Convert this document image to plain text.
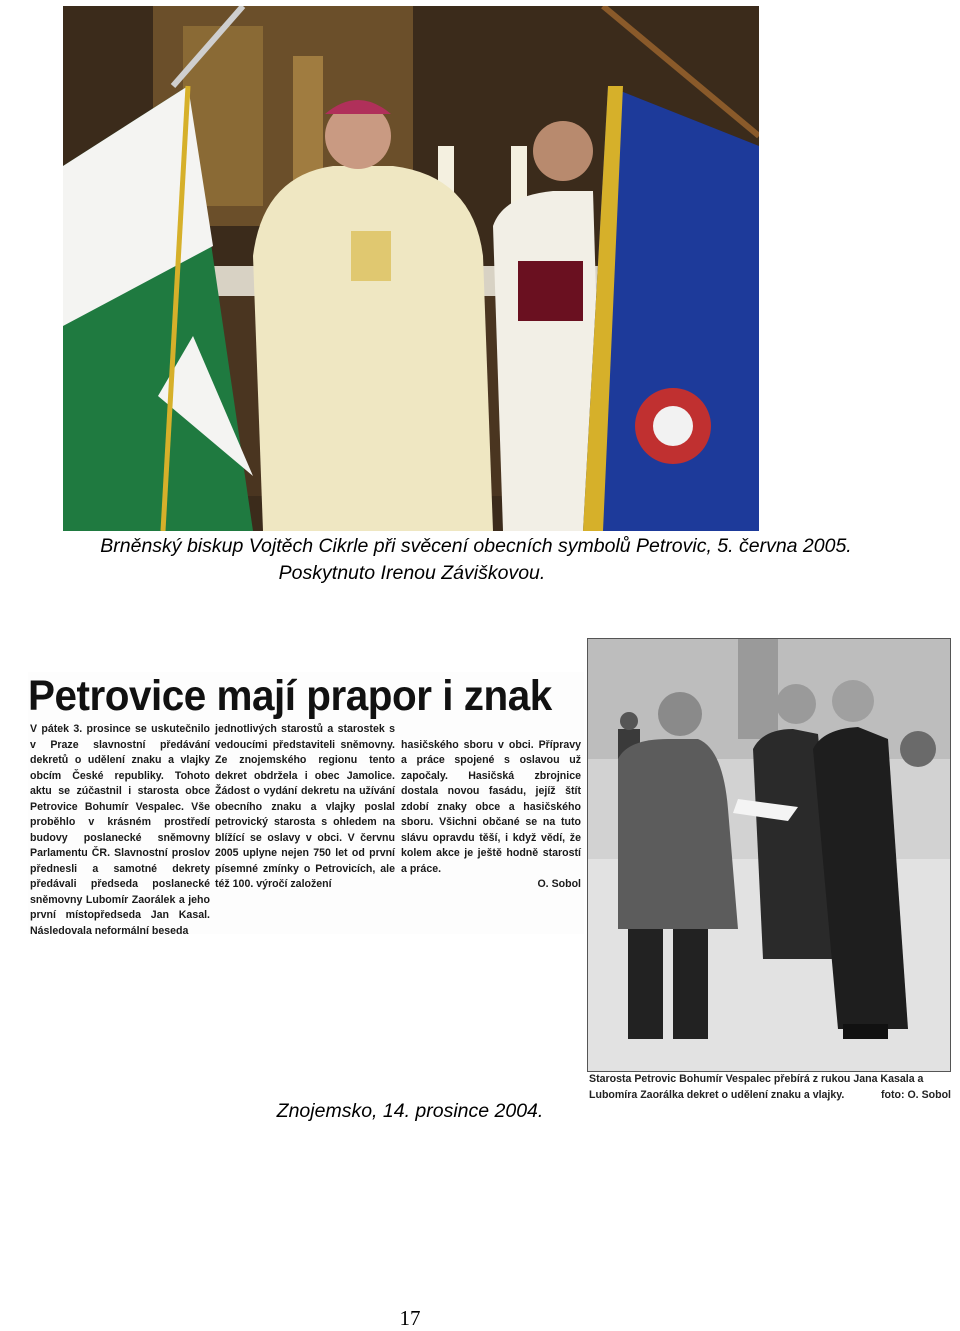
Brněnský biskup Vojtěch Cikrle při svěcení obecních symbolů Petrovic, 5. června 2005.
Poskytnuto Irenou Záviškovou.
Petrovice mají prapor i znak
V pátek 3. prosince se uskutečnilo v Praze slavnostní předávání dekretů o udělení znaku a vlajky obcím České republiky. Tohoto aktu se zúčastnil i starosta obce Petrovice Bohumír Vespalec. Vše proběhlo v krásném prostředí budovy poslanecké sněmovny Parlamentu ČR. Slavnostní proslov přednesli a samotné dekrety předávali předseda poslanecké sněmovny Lubomír Zaorálek a jeho první místopředseda Jan Kasal. Následovala neformální beseda
jednotlivých starostů a starostek s vedoucími představiteli sněmovny. Ze znojemského regionu tento dekret obdržela i obec Jamolice. Žádost o vydání dekretu na užívání obecního znaku a vlajky poslal petrovický starosta s ohledem na blížící se oslavy v obci. V červnu 2005 uplyne nejen 750 let od první písemné zmínky o Petrovicích, ale též 100. výročí založení

hasičského sboru v obci. Přípravy a práce spojené s oslavou už započaly. Hasičská zbrojnice dostala novou fasádu, jejíž štít zdobí znaky obce a hasičského sboru. Všichni občané se na tuto slávu opravdu těší, i když vědí, že kolem akce je ještě hodně starostí a práce.

O. Sobol

Starosta Petrovic Bohumír Vespalec přebírá z rukou Jana Kasala a Lubomíra Zaorálka dekret o udělení znaku a vlajky.	foto: O. Sobol
Znojemsko, 14. prosince 2004.
17
